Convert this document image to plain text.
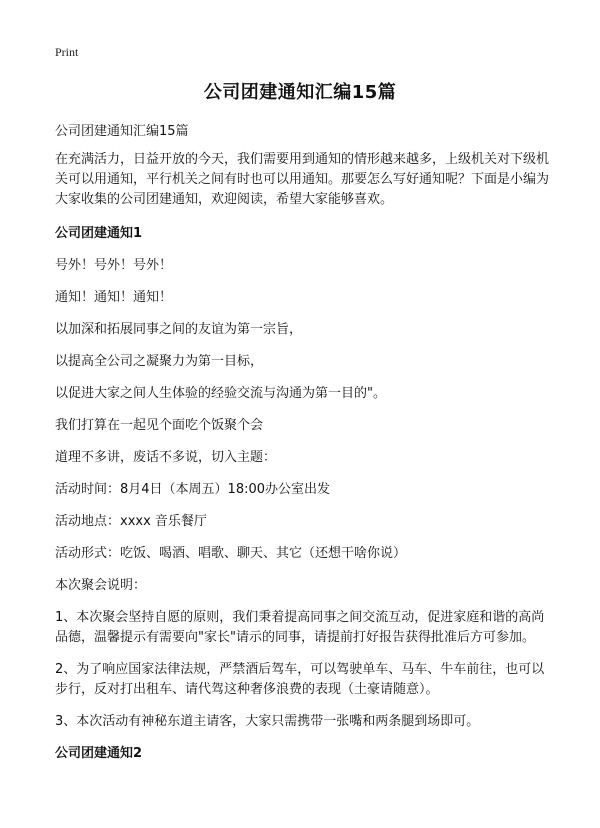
Print
公司团建通知汇编15篇

公司团建通知汇编15篇

在充满活力，日益开放的今天，我们需要用到通知的情形越来越多，上级机关对下级机关可以用通知，平行机关之间有时也可以用通知。那要怎么写好通知呢？下面是小编为大家收集的公司团建通知，欢迎阅读，希望大家能够喜欢。

公司团建通知1

号外！号外！号外！

通知！通知！通知！

以加深和拓展同事之间的友谊为第一宗旨，

以提高全公司之凝聚力为第一目标，

以促进大家之间人生体验的经验交流与沟通为第一目的"。

我们打算在一起见个面吃个饭聚个会

道理不多讲，废话不多说，切入主题：

活动时间：8月4日（本周五）18:00办公室出发

活动地点：xxxx 音乐餐厅

活动形式：吃饭、喝酒、唱歌、聊天、其它（还想干啥你说）

本次聚会说明：

1、本次聚会坚持自愿的原则，我们秉着提高同事之间交流互动，促进家庭和谐的高尚品德，温馨提示有需要向"家长"请示的同事，请提前打好报告获得批准后方可参加。

2、为了响应国家法律法规，严禁酒后驾车，可以驾驶单车、马车、牛车前往，也可以步行，反对打出租车、请代驾这种奢侈浪费的表现（土豪请随意）。

3、本次活动有神秘东道主请客，大家只需携带一张嘴和两条腿到场即可。

公司团建通知2
